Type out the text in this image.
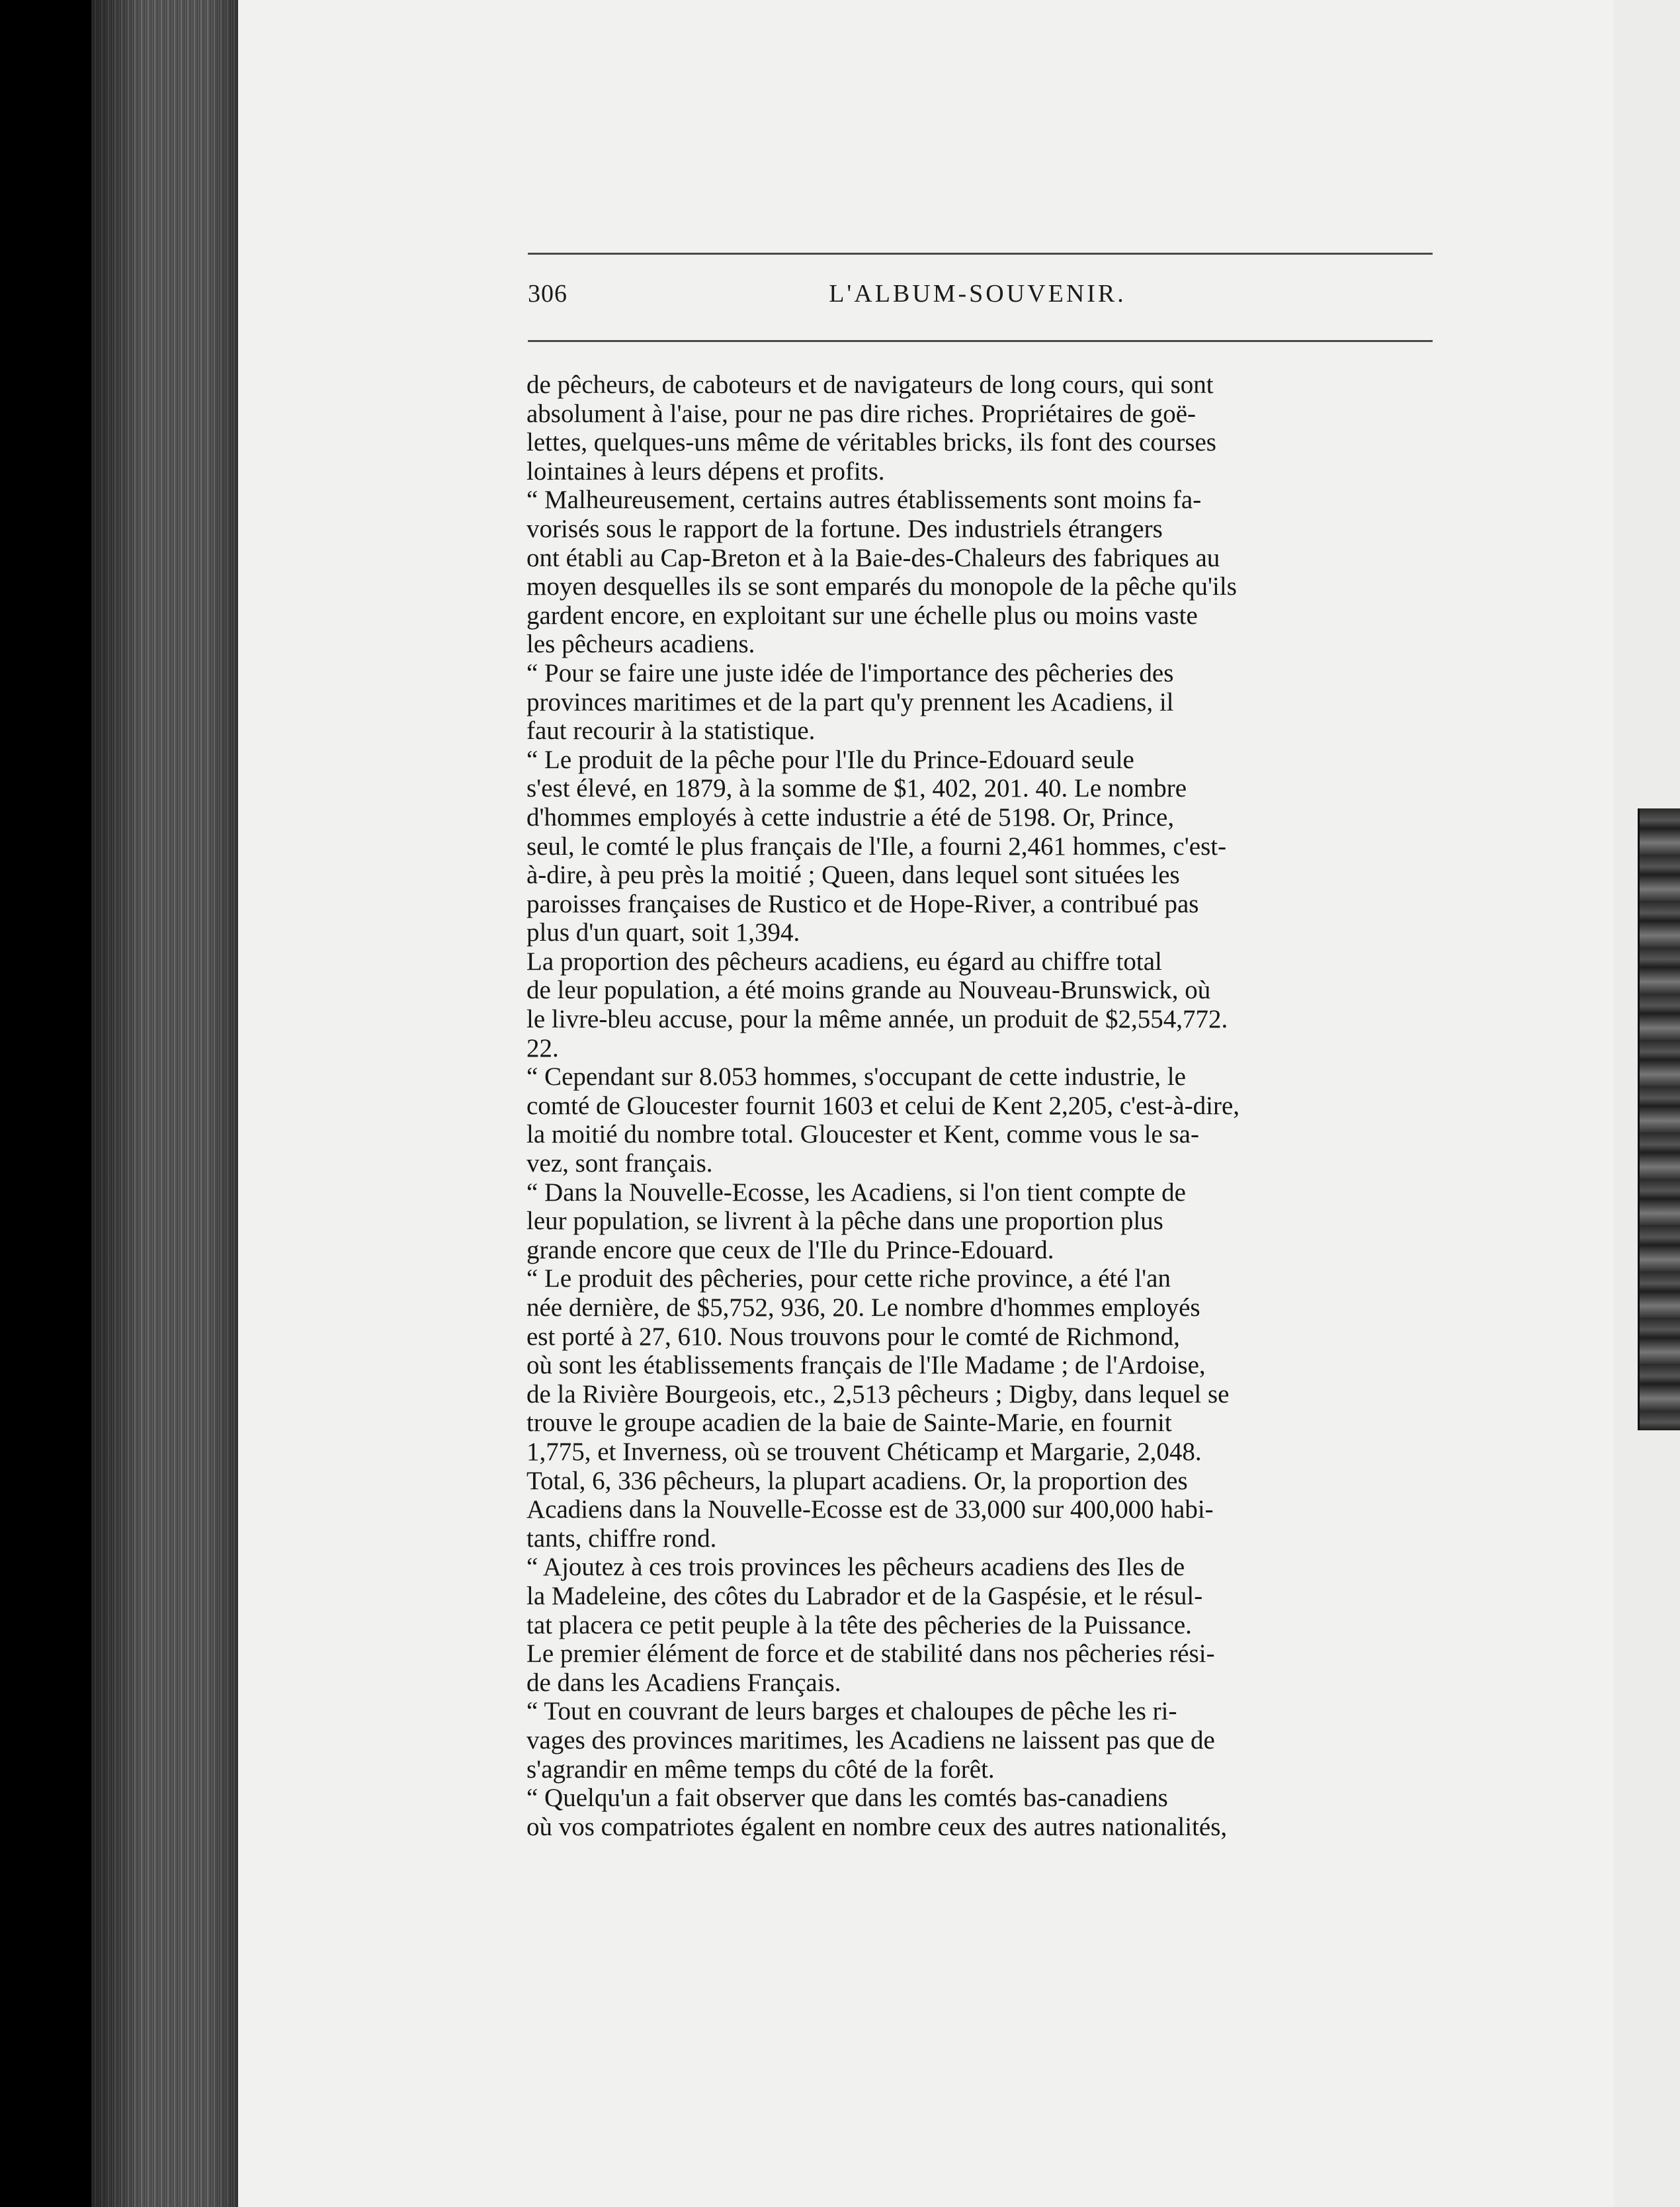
306	L'ALBUM-SOUVENIR.
de pêcheurs, de caboteurs et de navigateurs de long cours, qui sont
absolument à l'aise, pour ne pas dire riches. Propriétaires de goë-
lettes, quelques-uns même de véritables bricks, ils font des courses
lointaines à leurs dépens et profits.
“ Malheureusement, certains autres établissements sont moins fa-
vorisés sous le rapport de la fortune. Des industriels étrangers
ont établi au Cap-Breton et à la Baie-des-Chaleurs des fabriques au
moyen desquelles ils se sont emparés du monopole de la pêche qu'ils
gardent encore, en exploitant sur une échelle plus ou moins vaste
les pêcheurs acadiens.
“ Pour se faire une juste idée de l'importance des pêcheries des
provinces maritimes et de la part qu'y prennent les Acadiens, il
faut recourir à la statistique.
“ Le produit de la pêche pour l'Ile du Prince-Edouard seule
s'est élevé, en 1879, à la somme de $1, 402, 201. 40. Le nombre
d'hommes employés à cette industrie a été de 5198. Or, Prince,
seul, le comté le plus français de l'Ile, a fourni 2,461 hommes, c'est-
à-dire, à peu près la moitié ; Queen, dans lequel sont situées les
paroisses françaises de Rustico et de Hope-River, a contribué pas
plus d'un quart, soit 1,394.
La proportion des pêcheurs acadiens, eu égard au chiffre total
de leur population, a été moins grande au Nouveau-Brunswick, où
le livre-bleu accuse, pour la même année, un produit de $2,554,772.
22.
“ Cependant sur 8.053 hommes, s'occupant de cette industrie, le
comté de Gloucester fournit 1603 et celui de Kent 2,205, c'est-à-dire,
la moitié du nombre total. Gloucester et Kent, comme vous le sa-
vez, sont français.
“ Dans la Nouvelle-Ecosse, les Acadiens, si l'on tient compte de
leur population, se livrent à la pêche dans une proportion plus
grande encore que ceux de l'Ile du Prince-Edouard.
“ Le produit des pêcheries, pour cette riche province, a été l'an
née dernière, de $5,752, 936, 20. Le nombre d'hommes employés
est porté à 27, 610. Nous trouvons pour le comté de Richmond,
où sont les établissements français de l'Ile Madame ; de l'Ardoise,
de la Rivière Bourgeois, etc., 2,513 pêcheurs ; Digby, dans lequel se
trouve le groupe acadien de la baie de Sainte-Marie, en fournit
1,775, et Inverness, où se trouvent Chéticamp et Margarie, 2,048.
Total, 6, 336 pêcheurs, la plupart acadiens. Or, la proportion des
Acadiens dans la Nouvelle-Ecosse est de 33,000 sur 400,000 habi-
tants, chiffre rond.
“ Ajoutez à ces trois provinces les pêcheurs acadiens des Iles de
la Madeleine, des côtes du Labrador et de la Gaspésie, et le résul-
tat placera ce petit peuple à la tête des pêcheries de la Puissance.
Le premier élément de force et de stabilité dans nos pêcheries rési-
de dans les Acadiens Français.
“ Tout en couvrant de leurs barges et chaloupes de pêche les ri-
vages des provinces maritimes, les Acadiens ne laissent pas que de
s'agrandir en même temps du côté de la forêt.
“ Quelqu'un a fait observer que dans les comtés bas-canadiens
où vos compatriotes égalent en nombre ceux des autres nationalités,
